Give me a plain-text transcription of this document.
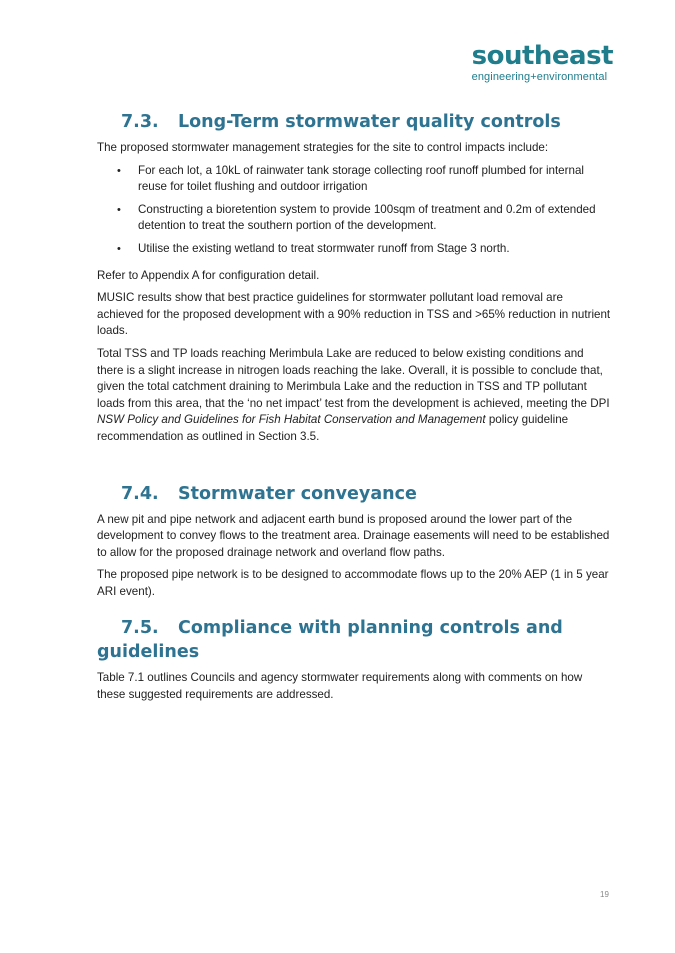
southeast
engineering+environmental
7.3. Long-Term stormwater quality controls

The proposed stormwater management strategies for the site to control impacts include:

• For each lot, a 10kL of rainwater tank storage collecting roof runoff plumbed for internal reuse for toilet flushing and outdoor irrigation
• Constructing a bioretention system to provide 100sqm of treatment and 0.2m of extended detention to treat the southern portion of the development.
• Utilise the existing wetland to treat stormwater runoff from Stage 3 north.

Refer to Appendix A for configuration detail.

MUSIC results show that best practice guidelines for stormwater pollutant load removal are achieved for the proposed development with a 90% reduction in TSS and >65% reduction in nutrient loads.

Total TSS and TP loads reaching Merimbula Lake are reduced to below existing conditions and there is a slight increase in nitrogen loads reaching the lake. Overall, it is possible to conclude that, given the total catchment draining to Merimbula Lake and the reduction in TSS and TP pollutant loads from this area, that the ‘no net impact’ test from the development is achieved, meeting the DPI NSW Policy and Guidelines for Fish Habitat Conservation and Management policy guideline recommendation as outlined in Section 3.5.

7.4. Stormwater conveyance

A new pit and pipe network and adjacent earth bund is proposed around the lower part of the development to convey flows to the treatment area. Drainage easements will need to be established to allow for the proposed drainage network and overland flow paths.

The proposed pipe network is to be designed to accommodate flows up to the 20% AEP (1 in 5 year ARI event).

7.5. Compliance with planning controls and guidelines

Table 7.1 outlines Councils and agency stormwater requirements along with comments on how these suggested requirements are addressed.

19
